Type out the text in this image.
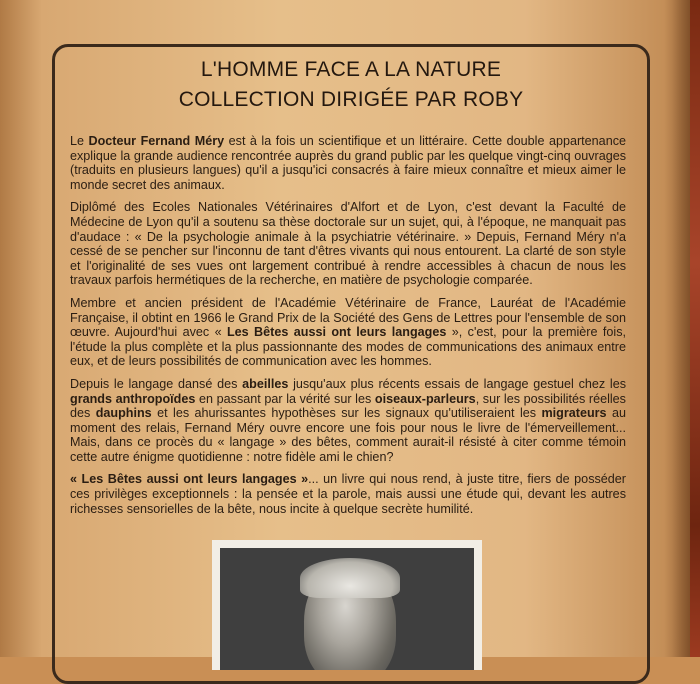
L'HOMME FACE A LA NATURE
COLLECTION DIRIGÉE PAR ROBY

Le Docteur Fernand Méry est à la fois un scientifique et un littéraire. Cette double appartenance explique la grande audience rencontrée auprès du grand public par les quelque vingt-cinq ouvrages (traduits en plusieurs langues) qu'il a jusqu'ici consacrés à faire mieux connaître et mieux aimer le monde secret des animaux.

Diplômé des Ecoles Nationales Vétérinaires d'Alfort et de Lyon, c'est devant la Faculté de Médecine de Lyon qu'il a soutenu sa thèse doctorale sur un sujet, qui, à l'époque, ne manquait pas d'audace : « De la psychologie animale à la psychiatrie vétérinaire. » Depuis, Fernand Méry n'a cessé de se pencher sur l'inconnu de tant d'êtres vivants qui nous entourent. La clarté de son style et l'originalité de ses vues ont largement contribué à rendre accessibles à chacun de nous les travaux parfois hermétiques de la recherche, en matière de psychologie comparée.

Membre et ancien président de l'Académie Vétérinaire de France, Lauréat de l'Académie Française, il obtint en 1966 le Grand Prix de la Société des Gens de Lettres pour l'ensemble de son œuvre. Aujourd'hui avec « Les Bêtes aussi ont leurs langages », c'est, pour la première fois, l'étude la plus complète et la plus passionnante des modes de communications des animaux entre eux, et de leurs possibilités de communication avec les hommes.

Depuis le langage dansé des abeilles jusqu'aux plus récents essais de langage gestuel chez les grands anthropoïdes en passant par la vérité sur les oiseaux-parleurs, sur les possibilités réelles des dauphins et les ahurissantes hypothèses sur les signaux qu'utiliseraient les migrateurs au moment des relais, Fernand Méry ouvre encore une fois pour nous le livre de l'émerveillement... Mais, dans ce procès du « langage » des bêtes, comment aurait-il résisté à citer comme témoin cette autre énigme quotidienne : notre fidèle ami le chien?

« Les Bêtes aussi ont leurs langages »... un livre qui nous rend, à juste titre, fiers de posséder ces privilèges exceptionnels : la pensée et la parole, mais aussi une étude qui, devant les autres richesses sensorielles de la bête, nous incite à quelque secrète humilité.
